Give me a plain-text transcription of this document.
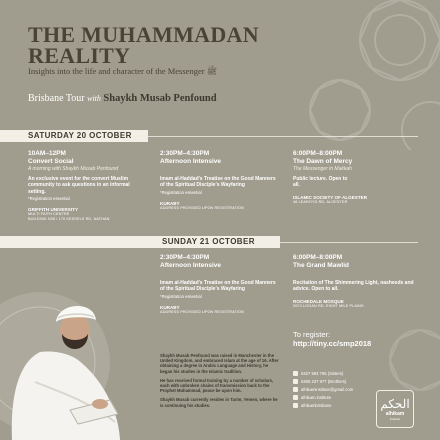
THE MUHAMMADAN REALITY
Insights into the life and character of the Messenger ﷺ
Brisbane Tour with Shaykh Musab Penfound
SATURDAY 20 OCTOBER
10AM–12PM
Convert Social
A morning with Shaykh Musab Penfound
An exclusive event for the convert Muslim community to ask questions in an informal setting.
*Registration essential
GRIFFITH UNIVERSITY
MULTI FAITH CENTRE
BUILDING N35 / 170 KESSELS RD, NATHAN
2:30PM–4:30PM
Afternoon Intensive
Imam al-Haddad's Treatise on the Good Manners of the Spiritual Disciple's Wayfaring
*Registration essential
KURABY
ADDRESS PROVIDED UPON REGISTRATION
6:00PM–8:00PM
The Dawn of Mercy
The Messenger in Makkah
Public lecture. Open to all.
ISLAMIC SOCIETY OF ALGESTER
48 LEAROYD RD, ALGESTER
SUNDAY 21 OCTOBER
2:30PM–4:30PM
Afternoon Intensive
Imam al-Haddad's Treatise on the Good Manners of the Spiritual Disciple's Wayfaring
*Registration essential
KURABY
ADDRESS PROVIDED UPON REGISTRATION
6:00PM–8:00PM
The Grand Mawlid
Recitation of The Shimmering Light, nasheeds and advice. Open to all.
ROCHEDALE MOSQUE
2674 LOGAN RD, EIGHT MILE PLAINS

Shaykh Musab Penfound was raised in Manchester in the United Kingdom, and embraced Islam at the age of 16. After obtaining a degree in Arabic Language and History, he began his studies in the Islamic tradition.

He has received formal training by a number of scholars, each with unbroken chains of transmission back to the Prophet Muhammad, peace be upon him.

Shaykh Musab currently resides in Tarim, Yemen, where he is continuing his studies.

To register:
http://tiny.cc/smp2018
0427 593 765 (Sisters)
0406 237 977 (Brothers)
alhikaminstitute@gmail.com
alhikam.institute
alhikambrisbane	الحكم
alhikam
institute
